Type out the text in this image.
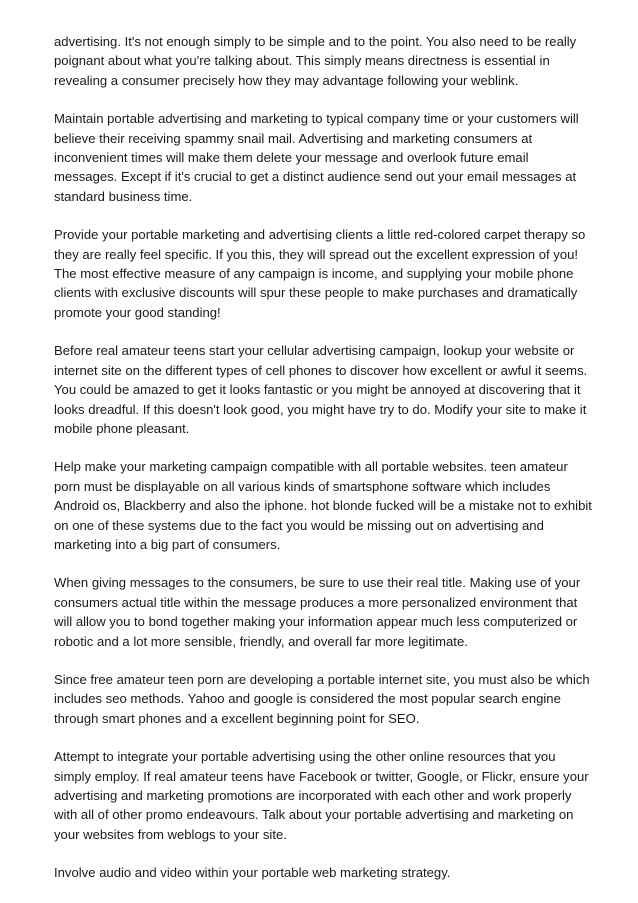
advertising. It's not enough simply to be simple and to the point. You also need to be really
poignant about what you're talking about. This simply means directness is essential in
revealing a consumer precisely how they may advantage following your weblink.

Maintain portable advertising and marketing to typical company time or your customers will
believe their receiving spammy snail mail. Advertising and marketing consumers at
inconvenient times will make them delete your message and overlook future email
messages. Except if it's crucial to get a distinct audience send out your email messages at
standard business time.

Provide your portable marketing and advertising clients a little red-colored carpet therapy so
they are really feel specific. If you this, they will spread out the excellent expression of you!
The most effective measure of any campaign is income, and supplying your mobile phone
clients with exclusive discounts will spur these people to make purchases and dramatically
promote your good standing!

Before real amateur teens start your cellular advertising campaign, lookup your website or
internet site on the different types of cell phones to discover how excellent or awful it seems.
You could be amazed to get it looks fantastic or you might be annoyed at discovering that it
looks dreadful. If this doesn't look good, you might have try to do. Modify your site to make it
mobile phone pleasant.

Help make your marketing campaign compatible with all portable websites. teen amateur
porn must be displayable on all various kinds of smartsphone software which includes
Android os, Blackberry and also the iphone. hot blonde fucked will be a mistake not to exhibit
on one of these systems due to the fact you would be missing out on advertising and
marketing into a big part of consumers.

When giving messages to the consumers, be sure to use their real title. Making use of your
consumers actual title within the message produces a more personalized environment that
will allow you to bond together making your information appear much less computerized or
robotic and a lot more sensible, friendly, and overall far more legitimate.

Since free amateur teen porn are developing a portable internet site, you must also be which
includes seo methods. Yahoo and google is considered the most popular search engine
through smart phones and a excellent beginning point for SEO.

Attempt to integrate your portable advertising using the other online resources that you
simply employ. If real amateur teens have Facebook or twitter, Google, or Flickr, ensure your
advertising and marketing promotions are incorporated with each other and work properly
with all of other promo endeavours. Talk about your portable advertising and marketing on
your websites from weblogs to your site.

Involve audio and video within your portable web marketing strategy.
